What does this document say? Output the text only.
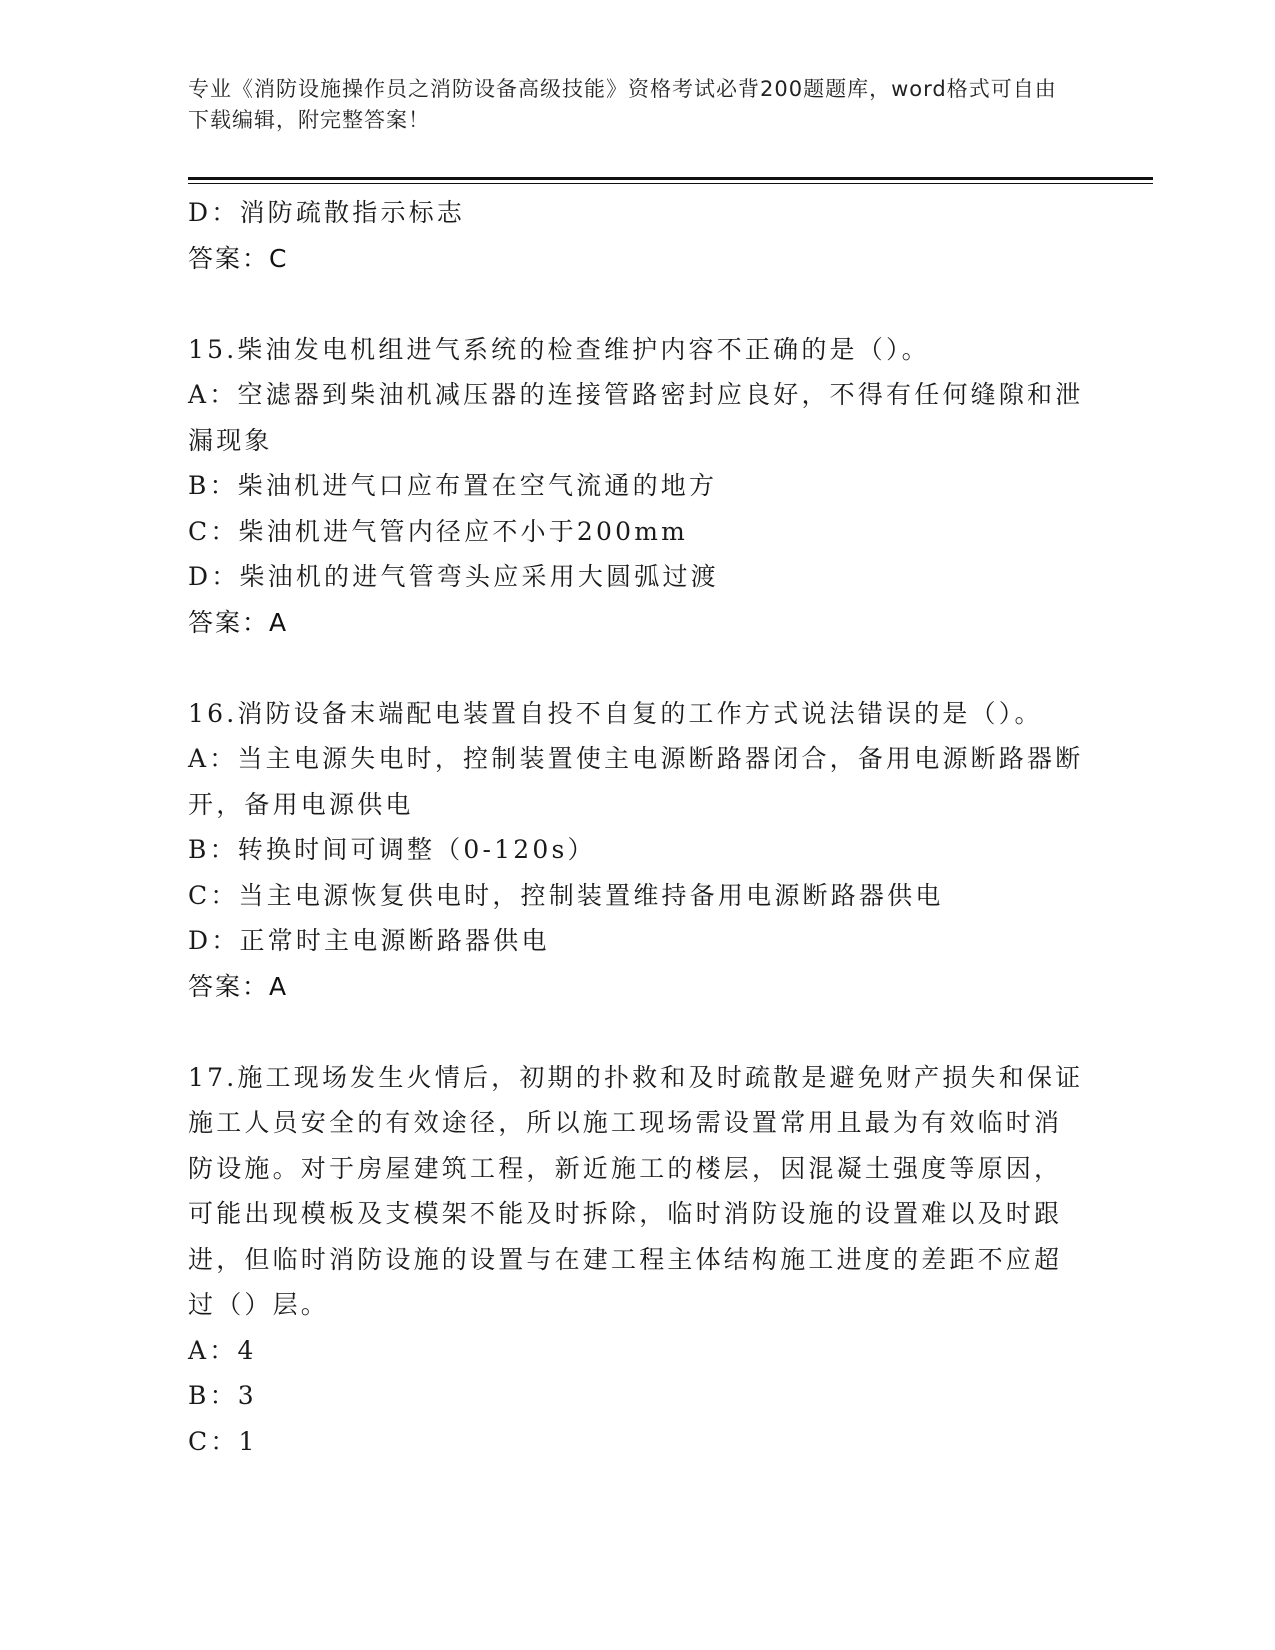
专业《消防设施操作员之消防设备高级技能》资格考试必背200题题库，word格式可自由下载编辑，附完整答案！

D：消防疏散指示标志

答案：C

15.柴油发电机组进气系统的检查维护内容不正确的是（）。

A：空滤器到柴油机减压器的连接管路密封应良好，不得有任何缝隙和泄漏现象

B：柴油机进气口应布置在空气流通的地方

C：柴油机进气管内径应不小于200mm

D：柴油机的进气管弯头应采用大圆弧过渡

答案：A

16.消防设备末端配电装置自投不自复的工作方式说法错误的是（）。

A：当主电源失电时，控制装置使主电源断路器闭合，备用电源断路器断开，备用电源供电

B：转换时间可调整（0-120s）

C：当主电源恢复供电时，控制装置维持备用电源断路器供电

D：正常时主电源断路器供电

答案：A

17.施工现场发生火情后，初期的扑救和及时疏散是避免财产损失和保证施工人员安全的有效途径，所以施工现场需设置常用且最为有效临时消防设施。对于房屋建筑工程，新近施工的楼层，因混凝土强度等原因，可能出现模板及支模架不能及时拆除，临时消防设施的设置难以及时跟进，但临时消防设施的设置与在建工程主体结构施工进度的差距不应超过（）层。

A：4

B：3

C：1
